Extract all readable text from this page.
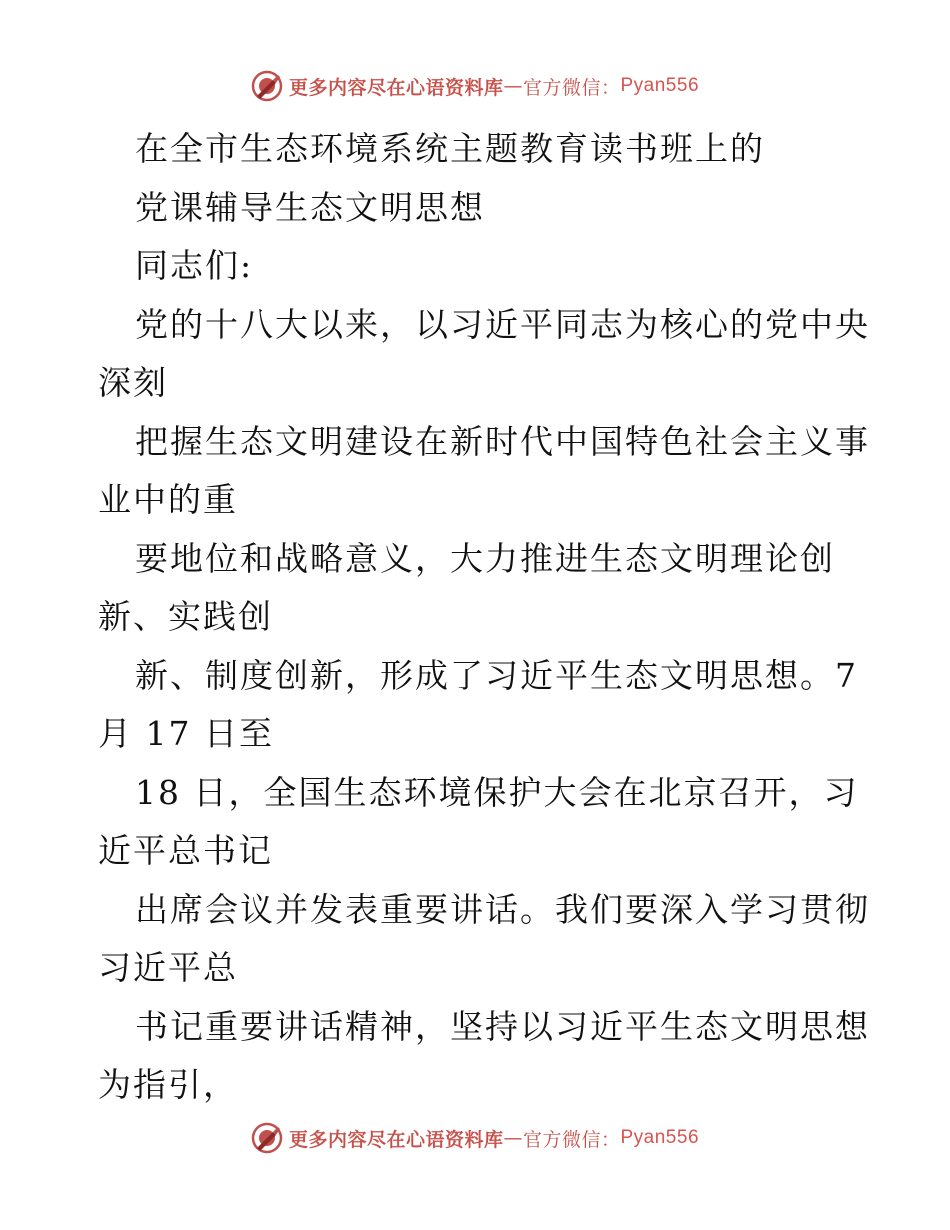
更多内容尽在心语资料库 — 官方微信： Pyan556
在全市生态环境系统主题教育读书班上的
党课辅导生态文明思想
同志们:
党的十八大以来，以习近平同志为核心的党中央
深刻
把握生态文明建设在新时代中国特色社会主义事
业中的重
要地位和战略意义，大力推进生态文明理论创
新、实践创
新、制度创新，形成了习近平生态文明思想。7
月 17 日至
18 日，全国生态环境保护大会在北京召开，习
近平总书记
出席会议并发表重要讲话。我们要深入学习贯彻
习近平总
书记重要讲话精神，坚持以习近平生态文明思想
为指引，
更多内容尽在心语资料库 — 官方微信： Pyan556
